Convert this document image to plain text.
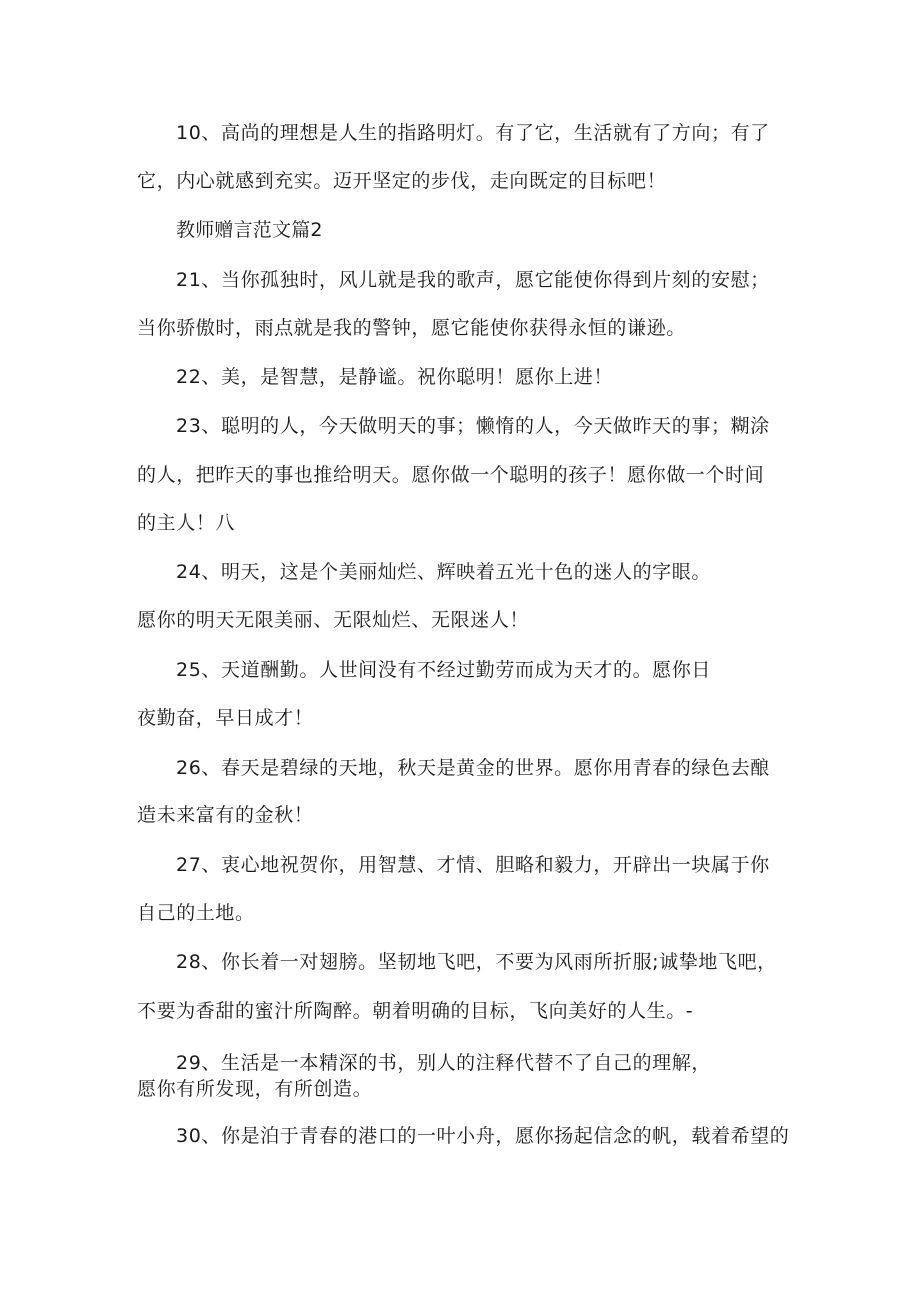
10、高尚的理想是人生的指路明灯。有了它，生活就有了方向；有了
它，内心就感到充实。迈开坚定的步伐，走向既定的目标吧！
教师赠言范文篇2
21、当你孤独时，风儿就是我的歌声，愿它能使你得到片刻的安慰；
当你骄傲时，雨点就是我的警钟，愿它能使你获得永恒的谦逊。
22、美，是智慧，是静谧。祝你聪明！愿你上进！
23、聪明的人，今天做明天的事；懒惰的人，今天做昨天的事；糊涂
的人，把昨天的事也推给明天。愿你做一个聪明的孩子！愿你做一个时间
的主人！八
24、明天，这是个美丽灿烂、辉映着五光十色的迷人的字眼。
愿你的明天无限美丽、无限灿烂、无限迷人！
25、天道酬勤。人世间没有不经过勤劳而成为天才的。愿你日
夜勤奋，早日成才！
26、春天是碧绿的天地，秋天是黄金的世界。愿你用青春的绿色去酿
造未来富有的金秋！
27、衷心地祝贺你，用智慧、才情、胆略和毅力，开辟出一块属于你
自己的土地。
28、你长着一对翅膀。坚韧地飞吧，不要为风雨所折服;诚挚地飞吧，
不要为香甜的蜜汁所陶醉。朝着明确的目标，飞向美好的人生。-
29、生活是一本精深的书，别人的注释代替不了自己的理解，
愿你有所发现，有所创造。
30、你是泊于青春的港口的一叶小舟，愿你扬起信念的帆，载着希望的
